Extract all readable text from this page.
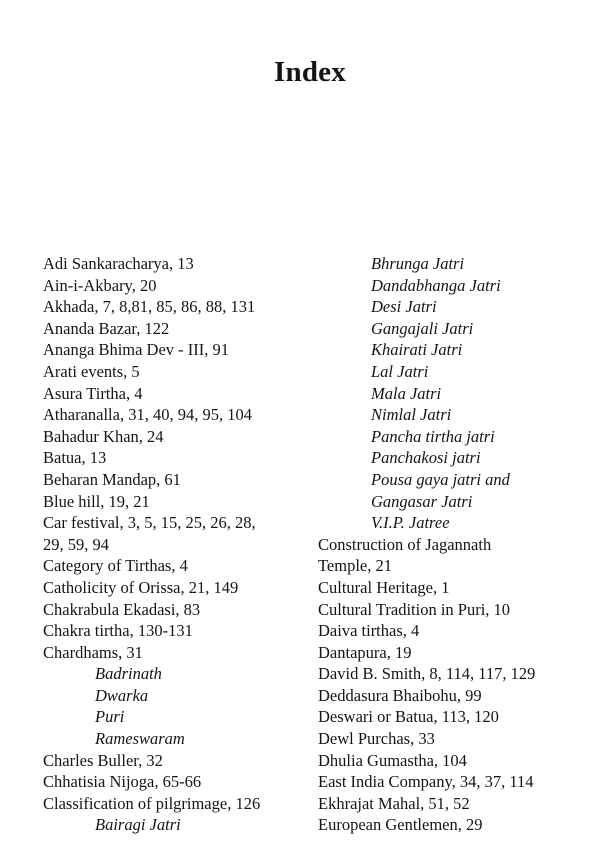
Index
Adi Sankaracharya, 13
Ain-i-Akbary, 20
Akhada, 7, 8,81, 85, 86, 88, 131
Ananda Bazar, 122
Ananga Bhima Dev - III, 91
Arati events, 5
Asura Tirtha, 4
Atharanalla, 31, 40, 94, 95, 104
Bahadur Khan, 24
Batua, 13
Beharan Mandap, 61
Blue hill, 19, 21
Car festival, 3, 5, 15, 25, 26, 28,
29, 59, 94
Category of Tirthas, 4
Catholicity of Orissa, 21, 149
Chakrabula Ekadasi, 83
Chakra tirtha, 130-131
Chardhams, 31
Badrinath
Dwarka
Puri
Rameswaram
Charles Buller, 32
Chhatisia Nijoga, 65-66
Classification of pilgrimage, 126
Bairagi Jatri
Bhrunga Jatri
Dandabhanga Jatri
Desi Jatri
Gangajali Jatri
Khairati Jatri
Lal Jatri
Mala Jatri
Nimlal Jatri
Pancha tirtha jatri
Panchakosi jatri
Pousa gaya jatri and
Gangasar Jatri
V.I.P. Jatree
Construction of Jagannath
Temple, 21
Cultural Heritage, 1
Cultural Tradition in Puri, 10
Daiva tirthas, 4
Dantapura, 19
David B. Smith, 8, 114, 117, 129
Deddasura Bhaibohu, 99
Deswari or Batua, 113, 120
Dewl Purchas, 33
Dhulia Gumastha, 104
East India Company, 34, 37, 114
Ekhrajat Mahal, 51, 52
European Gentlemen, 29
